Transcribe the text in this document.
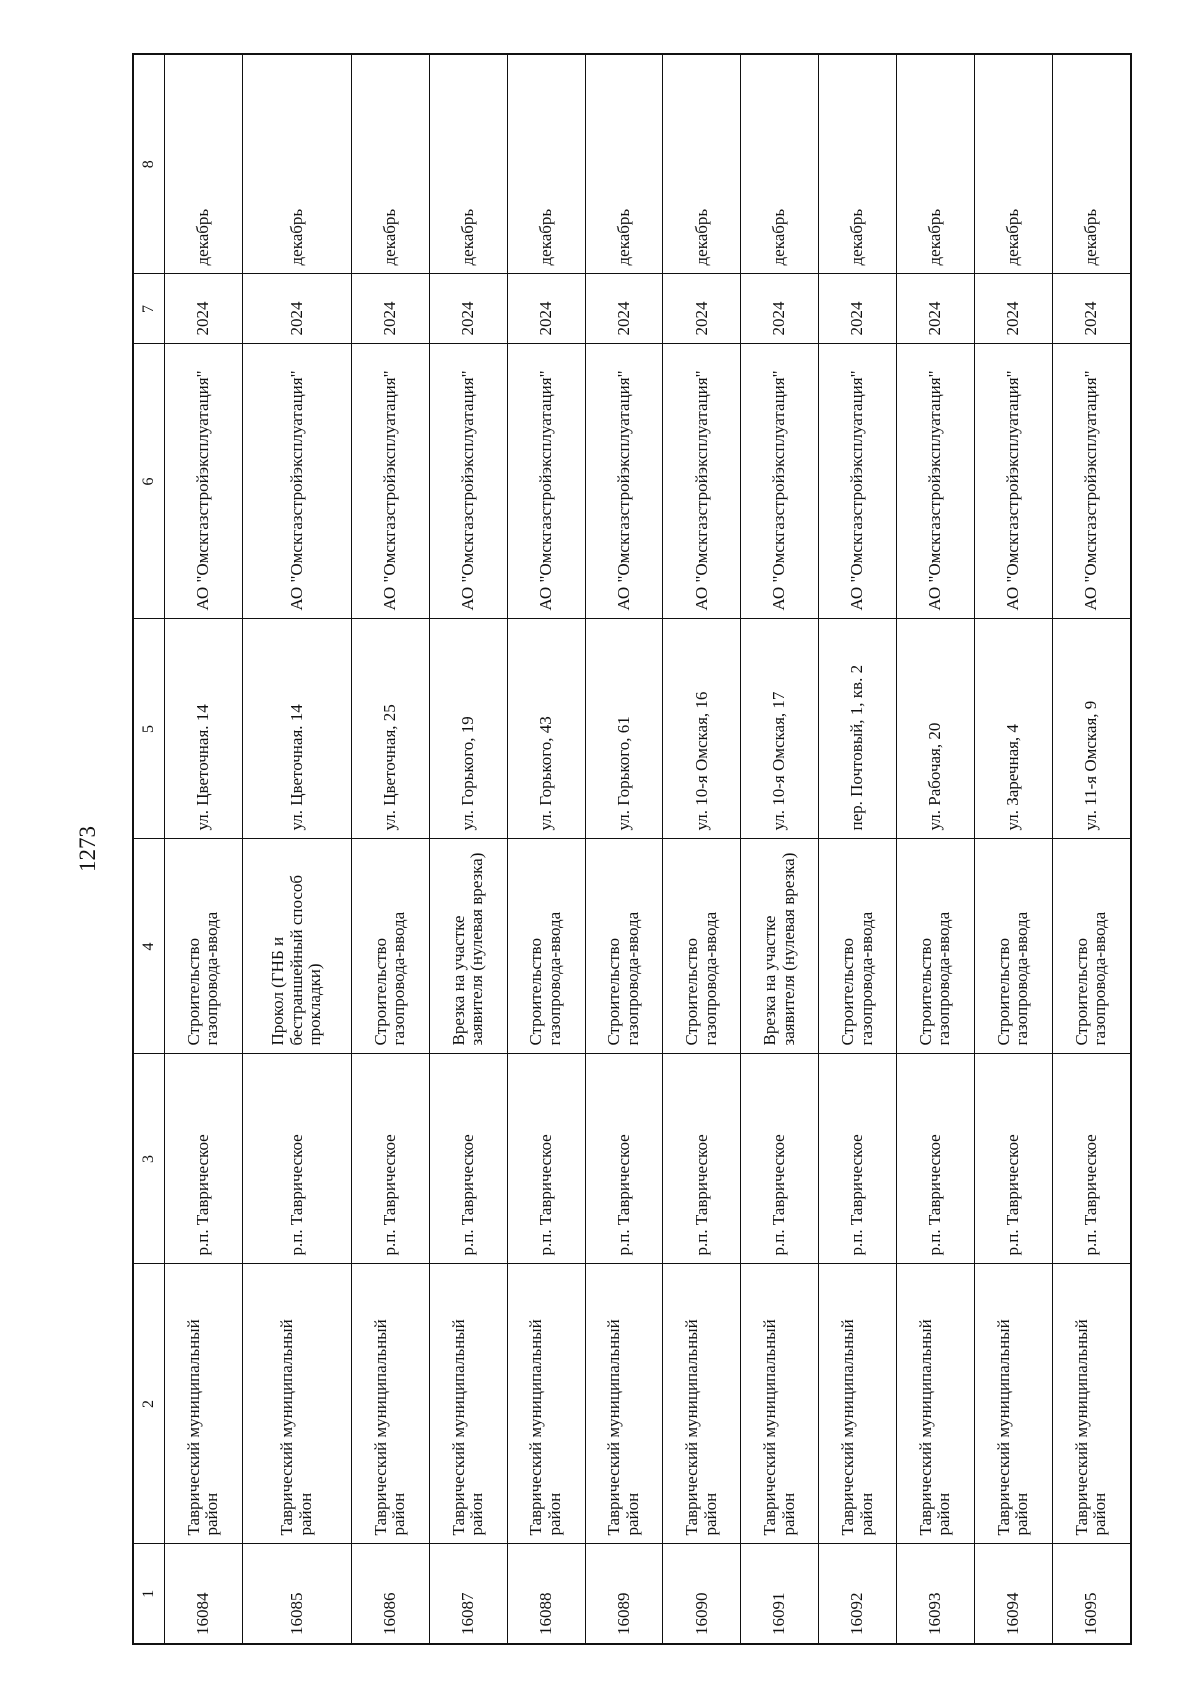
1273
1	2	3	4	5	6	7	8
16084	Таврический муниципальный район	р.п. Таврическое	Строительство газопровода-ввода	ул. Цветочная. 14	АО "Омскгазстройэксплуатация"	2024	декабрь
16085	Таврический муниципальный район	р.п. Таврическое	Прокол (ГНБ и бестраншейный способ прокладки)	ул. Цветочная. 14	АО "Омскгазстройэксплуатация"	2024	декабрь
16086	Таврический муниципальный район	р.п. Таврическое	Строительство газопровода-ввода	ул. Цветочная, 25	АО "Омскгазстройэксплуатация"	2024	декабрь
16087	Таврический муниципальный район	р.п. Таврическое	Врезка на участке заявителя (нулевая врезка)	ул. Горького, 19	АО "Омскгазстройэксплуатация"	2024	декабрь
16088	Таврический муниципальный район	р.п. Таврическое	Строительство газопровода-ввода	ул. Горького, 43	АО "Омскгазстройэксплуатация"	2024	декабрь
16089	Таврический муниципальный район	р.п. Таврическое	Строительство газопровода-ввода	ул. Горького, 61	АО "Омскгазстройэксплуатация"	2024	декабрь
16090	Таврический муниципальный район	р.п. Таврическое	Строительство газопровода-ввода	ул. 10-я Омская, 16	АО "Омскгазстройэксплуатация"	2024	декабрь
16091	Таврический муниципальный район	р.п. Таврическое	Врезка на участке заявителя (нулевая врезка)	ул. 10-я Омская, 17	АО "Омскгазстройэксплуатация"	2024	декабрь
16092	Таврический муниципальный район	р.п. Таврическое	Строительство газопровода-ввода	пер. Почтовый, 1, кв. 2	АО "Омскгазстройэксплуатация"	2024	декабрь
16093	Таврический муниципальный район	р.п. Таврическое	Строительство газопровода-ввода	ул. Рабочая, 20	АО "Омскгазстройэксплуатация"	2024	декабрь
16094	Таврический муниципальный район	р.п. Таврическое	Строительство газопровода-ввода	ул. Заречная, 4	АО "Омскгазстройэксплуатация"	2024	декабрь
16095	Таврический муниципальный район	р.п. Таврическое	Строительство газопровода-ввода	ул. 11-я Омская, 9	АО "Омскгазстройэксплуатация"	2024	декабрь
